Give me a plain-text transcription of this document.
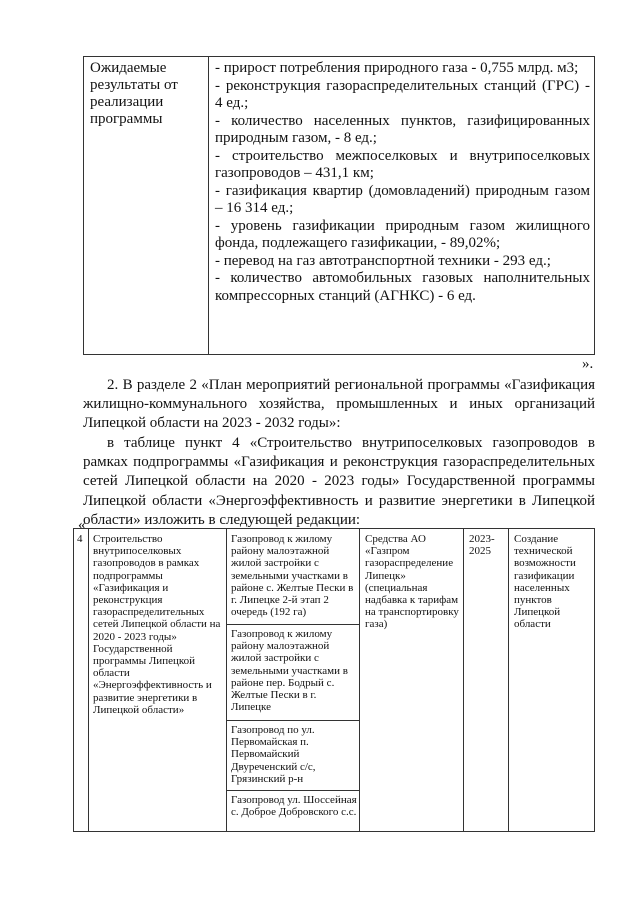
Ожидаемые результаты от реализации программы

- прирост потребления природного газа - 0,755 млрд. м3;

- реконструкция газораспределительных станций (ГРС) - 4 ед.;

- количество населенных пунктов, газифицированных природным газом, - 8 ед.;

- строительство межпоселковых и внутрипоселковых газопроводов – 431,1 км;

- газификация квартир (домовладений) природным газом – 16 314 ед.;

- уровень газификации природным газом жилищного фонда, подлежащего газификации, - 89,02%;

- перевод на газ автотранспортной техники - 293 ед.;

- количество автомобильных газовых наполнительных компрессорных станций (АГНКС) - 6 ед.

».
2. В разделе 2 «План мероприятий региональной программы «Газификация жилищно-коммунального хозяйства, промышленных и иных организаций Липецкой области на 2023 - 2032 годы»:
в таблице пункт 4 «Строительство внутрипоселковых газопроводов в рамках подпрограммы «Газификация и реконструкция газораспределительных сетей Липецкой области на 2020 - 2023 годы» Государственной программы Липецкой области «Энергоэффективность и развитие энергетики в Липецкой области» изложить в следующей редакции:
«
4 Строительство внутрипоселковых газопроводов в рамках подпрограммы «Газификация и реконструкция газораспределительных сетей Липецкой области на 2020 - 2023 годы» Государственной программы Липецкой области «Энергоэффективность и развитие энергетики в Липецкой области»
Газопровод к жилому району малоэтажной жилой застройки с земельными участками в районе с. Желтые Пески в г. Липецке 2-й этап 2 очередь (192 га)
Газопровод к жилому району малоэтажной жилой застройки с земельными участками в районе пер. Бодрый с. Желтые Пески в г. Липецке
Газопровод по ул. Первомайская п. Первомайский Двуреченский с/с, Грязинский р-н
Газопровод ул. Шоссейная с. Доброе Добровского с.с.
Средства АО «Газпром газораспределение Липецк» (специальная надбавка к тарифам на транспортировку газа)
2023-2025
Создание технической возможности газификации населенных пунктов Липецкой области
